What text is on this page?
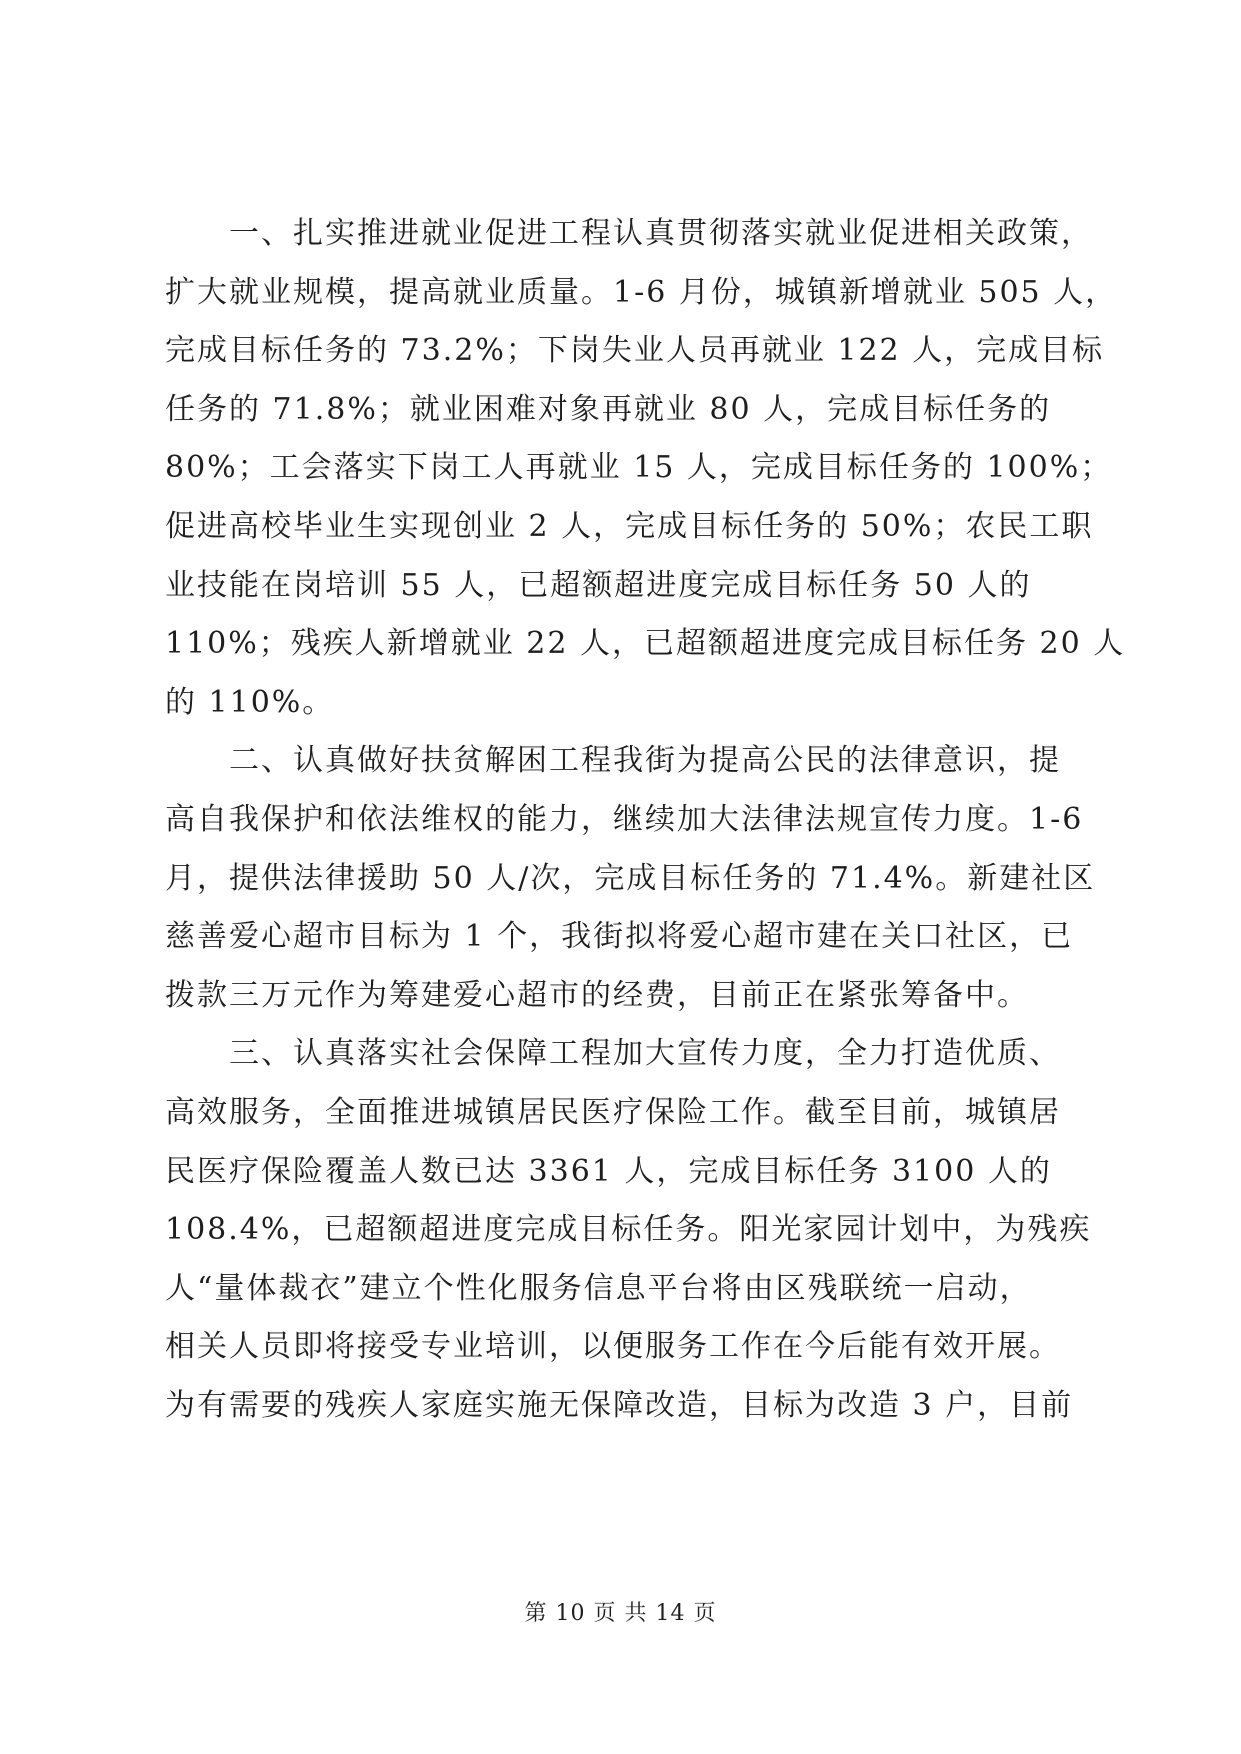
一、扎实推进就业促进工程认真贯彻落实就业促进相关政策，
扩大就业规模，提高就业质量。1-6 月份，城镇新增就业 505 人，
完成目标任务的 73.2%；下岗失业人员再就业 122 人，完成目标
任务的 71.8%；就业困难对象再就业 80 人，完成目标任务的
80%；工会落实下岗工人再就业 15 人，完成目标任务的 100%；
促进高校毕业生实现创业 2 人，完成目标任务的 50%；农民工职
业技能在岗培训 55 人，已超额超进度完成目标任务 50 人的
110%；残疾人新增就业 22 人，已超额超进度完成目标任务 20 人
的 110%。
二、认真做好扶贫解困工程我街为提高公民的法律意识，提
高自我保护和依法维权的能力，继续加大法律法规宣传力度。1-6
月，提供法律援助 50 人/次，完成目标任务的 71.4%。新建社区
慈善爱心超市目标为 1 个，我街拟将爱心超市建在关口社区，已
拨款三万元作为筹建爱心超市的经费，目前正在紧张筹备中。
三、认真落实社会保障工程加大宣传力度，全力打造优质、
高效服务，全面推进城镇居民医疗保险工作。截至目前，城镇居
民医疗保险覆盖人数已达 3361 人，完成目标任务 3100 人的
108.4%，已超额超进度完成目标任务。阳光家园计划中，为残疾
人“量体裁衣”建立个性化服务信息平台将由区残联统一启动，
相关人员即将接受专业培训，以便服务工作在今后能有效开展。
为有需要的残疾人家庭实施无保障改造，目标为改造 3 户，目前
第 10 页 共 14 页
